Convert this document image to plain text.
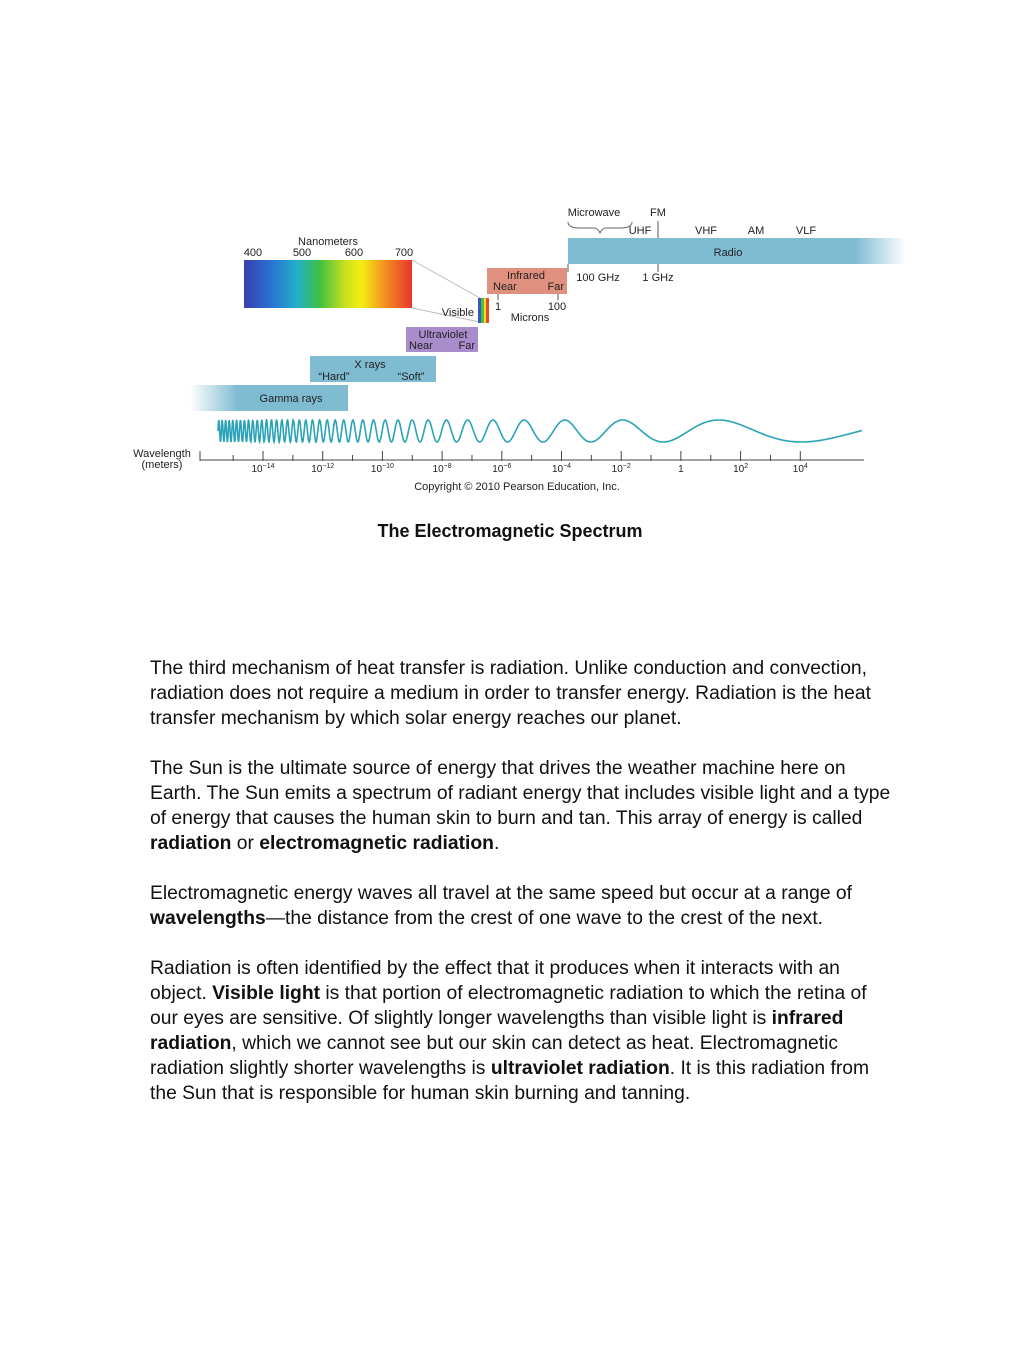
Nanometers
400	500	600	700
Visible
Infrared
Near	Far
1	100
Microns
Ultraviolet
Near Far
X rays
“Hard”	“Soft”
Gamma rays
Microwave	FM
UHF	VHF	AM	VLF
Radio
100 GHz 1 GHz
Wavelength
(meters)	$10^{-14}$	$10^{-12}$	$10^{-10}$	$10^{-8}$	$10^{-6}$	$10^{-4}$	$10^{-2}$	1	$10^2$	$10^4$
Copyright © 2010 Pearson Education, Inc.
The Electromagnetic Spectrum

The third mechanism of heat transfer is radiation. Unlike conduction and convection, radiation does not require a medium in order to transfer energy. Radiation is the heat transfer mechanism by which solar energy reaches our planet.

The Sun is the ultimate source of energy that drives the weather machine here on Earth. The Sun emits a spectrum of radiant energy that includes visible light and a type of energy that causes the human skin to burn and tan. This array of energy is called radiation or electromagnetic radiation.

Electromagnetic energy waves all travel at the same speed but occur at a range of wavelengths—the distance from the crest of one wave to the crest of the next.

Radiation is often identified by the effect that it produces when it interacts with an object. Visible light is that portion of electromagnetic radiation to which the retina of our eyes are sensitive. Of slightly longer wavelengths than visible light is infrared radiation, which we cannot see but our skin can detect as heat. Electromagnetic radiation slightly shorter wavelengths is ultraviolet radiation. It is this radiation from the Sun that is responsible for human skin burning and tanning.
